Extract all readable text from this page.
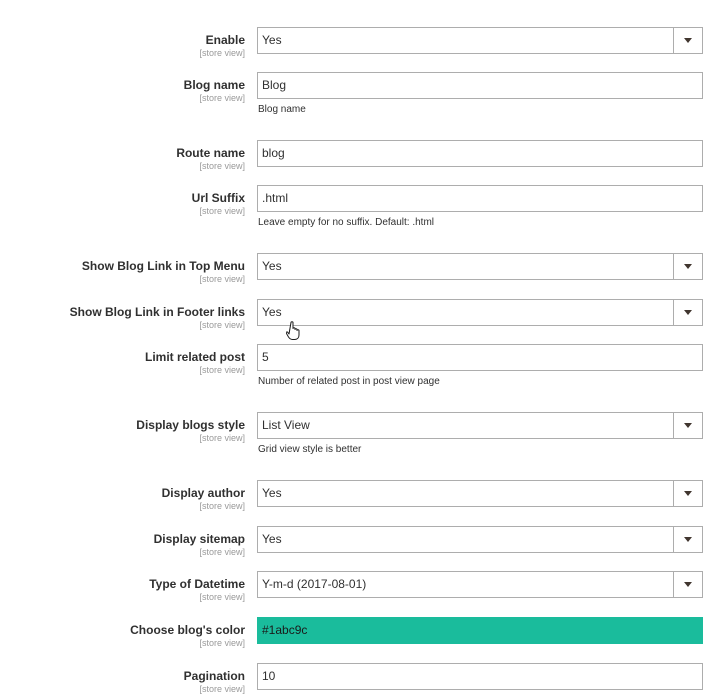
Enable
[store view]
Yes
Blog name
[store view]
Blog
Blog name
Route name
[store view]
blog
Url Suffix
[store view]
.html
Leave empty for no suffix. Default: .html
Show Blog Link in Top Menu
[store view]
Yes
Show Blog Link in Footer links
[store view]
Yes
Limit related post
[store view]
5
Number of related post in post view page
Display blogs style
[store view]
List View
Grid view style is better
Display author
[store view]
Yes
Display sitemap
[store view]
Yes
Type of Datetime
[store view]
Y-m-d (2017-08-01)
Choose blog's color
[store view]
#1abc9c
Pagination
[store view]
10
